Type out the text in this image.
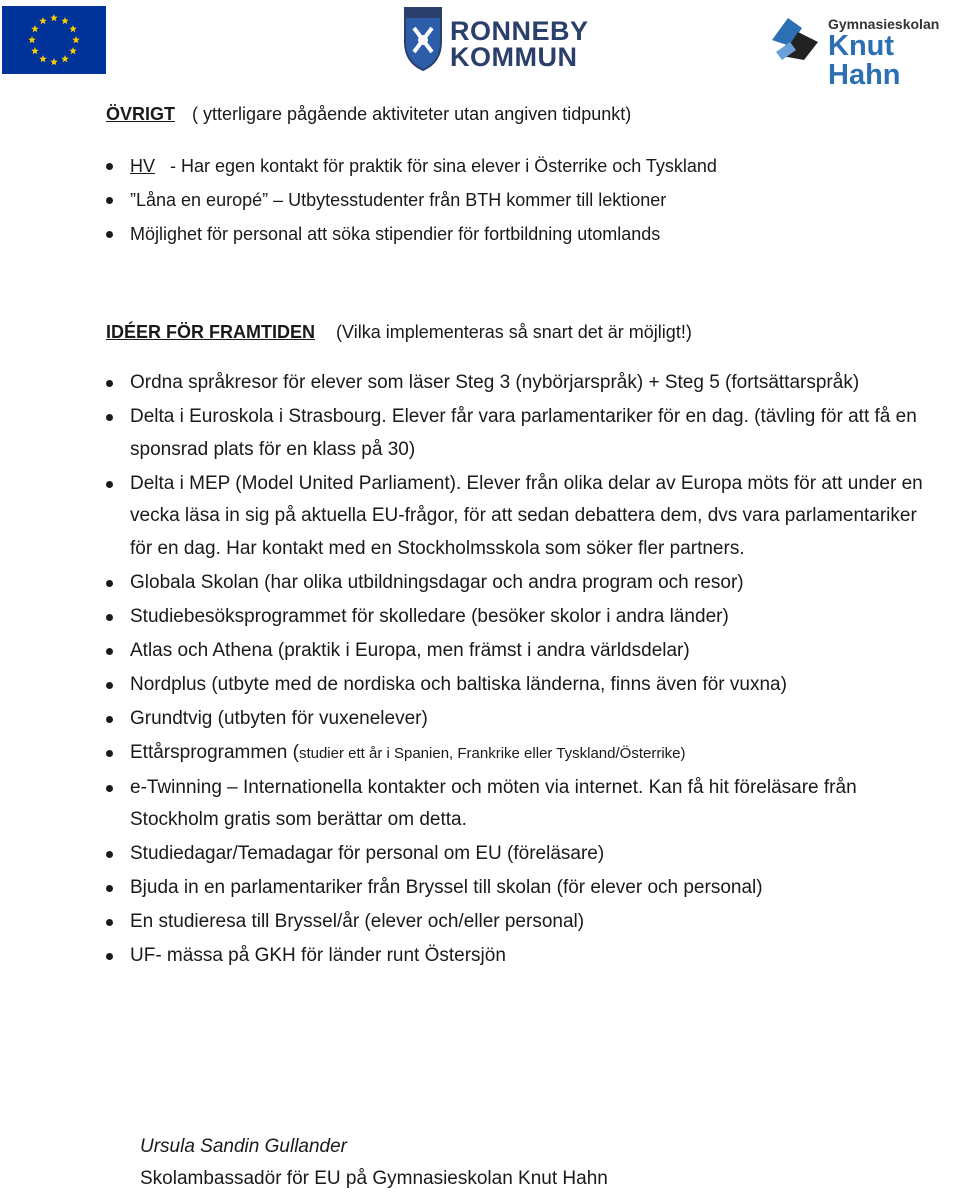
RONNEBY
KOMMUN
Gymnasieskolan
Knut Hahn
ÖVRIGT ( ytterligare pågående aktiviteter utan angiven tidpunkt)
HV - Har egen kontakt för praktik för sina elever i Österrike och Tyskland
”Låna en europé” – Utbytesstudenter från BTH kommer till lektioner
Möjlighet för personal att söka stipendier för fortbildning utomlands
IDÉER FÖR FRAMTIDEN (Vilka implementeras så snart det är möjligt!)
Ordna språkresor för elever som läser Steg 3 (nybörjarspråk) + Steg 5 (fortsättarspråk)
Delta i Euroskola i Strasbourg. Elever får vara parlamentariker för en dag. (tävling för att få en sponsrad plats för en klass på 30)
Delta i MEP (Model United Parliament). Elever från olika delar av Europa möts för att under en vecka läsa in sig på aktuella EU-frågor, för att sedan debattera dem, dvs vara parlamentariker för en dag. Har kontakt med en Stockholmsskola som söker fler partners.
Globala Skolan (har olika utbildningsdagar och andra program och resor)
Studiebesöksprogrammet för skolledare (besöker skolor i andra länder)
Atlas och Athena (praktik i Europa, men främst i andra världsdelar)
Nordplus (utbyte med de nordiska och baltiska länderna, finns även för vuxna)
Grundtvig (utbyten för vuxenelever)
Ettårsprogrammen (studier ett år i Spanien, Frankrike eller Tyskland/Österrike)
e-Twinning – Internationella kontakter och möten via internet. Kan få hit föreläsare från Stockholm gratis som berättar om detta.
Studiedagar/Temadagar för personal om EU (föreläsare)
Bjuda in en parlamentariker från Bryssel till skolan (för elever och personal)
En studieresa till Bryssel/år (elever och/eller personal)
UF- mässa på GKH för länder runt Östersjön
Ursula Sandin Gullander
Skolambassadör för EU på Gymnasieskolan Knut Hahn
